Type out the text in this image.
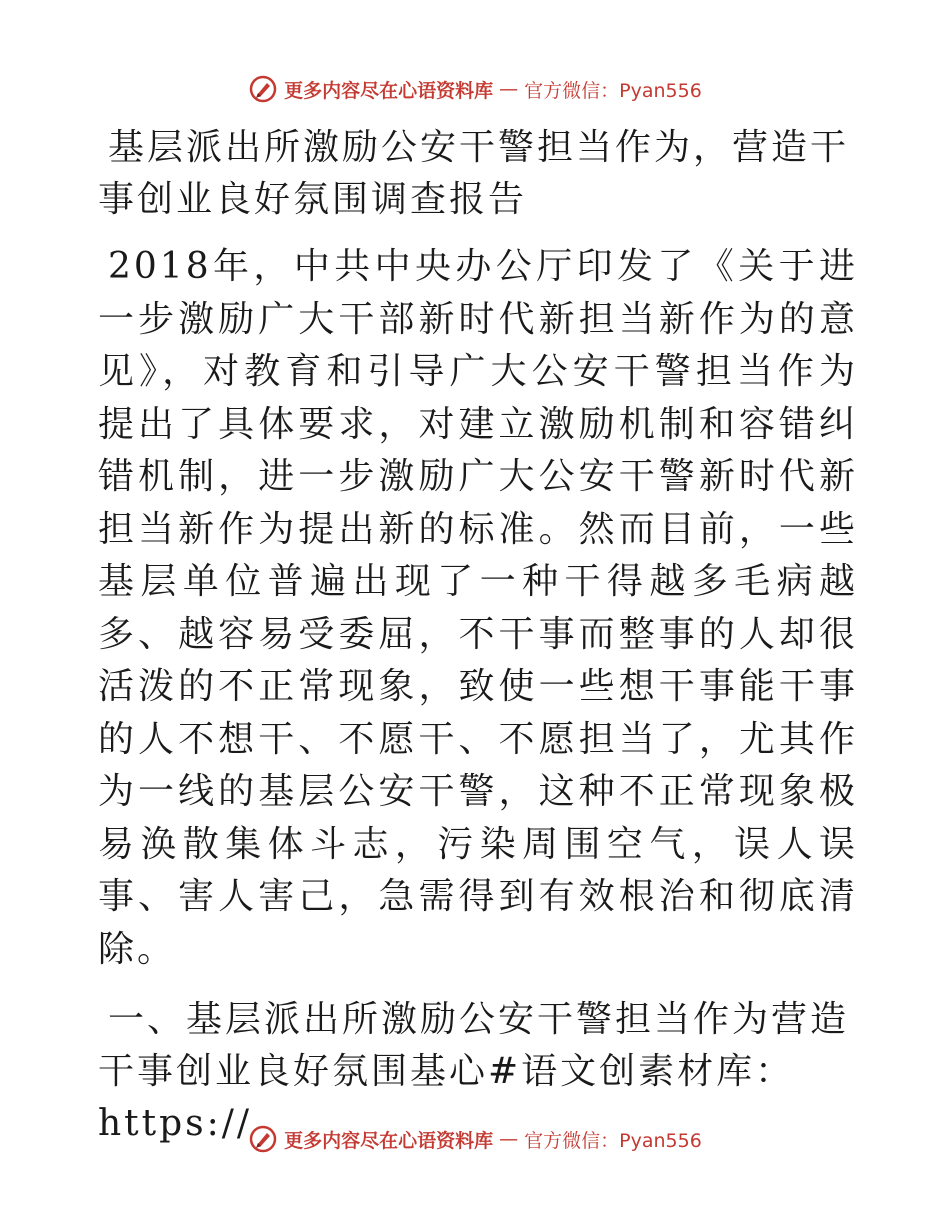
更多内容尽在心语资料库 — 官方微信：Pyan556
基层派出所激励公安干警担当作为，营造干事创业良好氛围调查报告

2018年，中共中央办公厅印发了《关于进一步激励广大干部新时代新担当新作为的意见》，对教育和引导广大公安干警担当作为提出了具体要求，对建立激励机制和容错纠错机制，进一步激励广大公安干警新时代新担当新作为提出新的标准。然而目前，一些基层单位普遍出现了一种干得越多毛病越多、越容易受委屈，不干事而整事的人却很活泼的不正常现象，致使一些想干事能干事的人不想干、不愿干、不愿担当了，尤其作为一线的基层公安干警，这种不正常现象极易涣散集体斗志，污染周围空气，误人误事、害人害己，急需得到有效根治和彻底清除。

一、基层派出所激励公安干警担当作为营造干事创业良好氛围基心#语文创素材库：https://	更多内容尽在心语资料库 — 官方微信：Pyan556
